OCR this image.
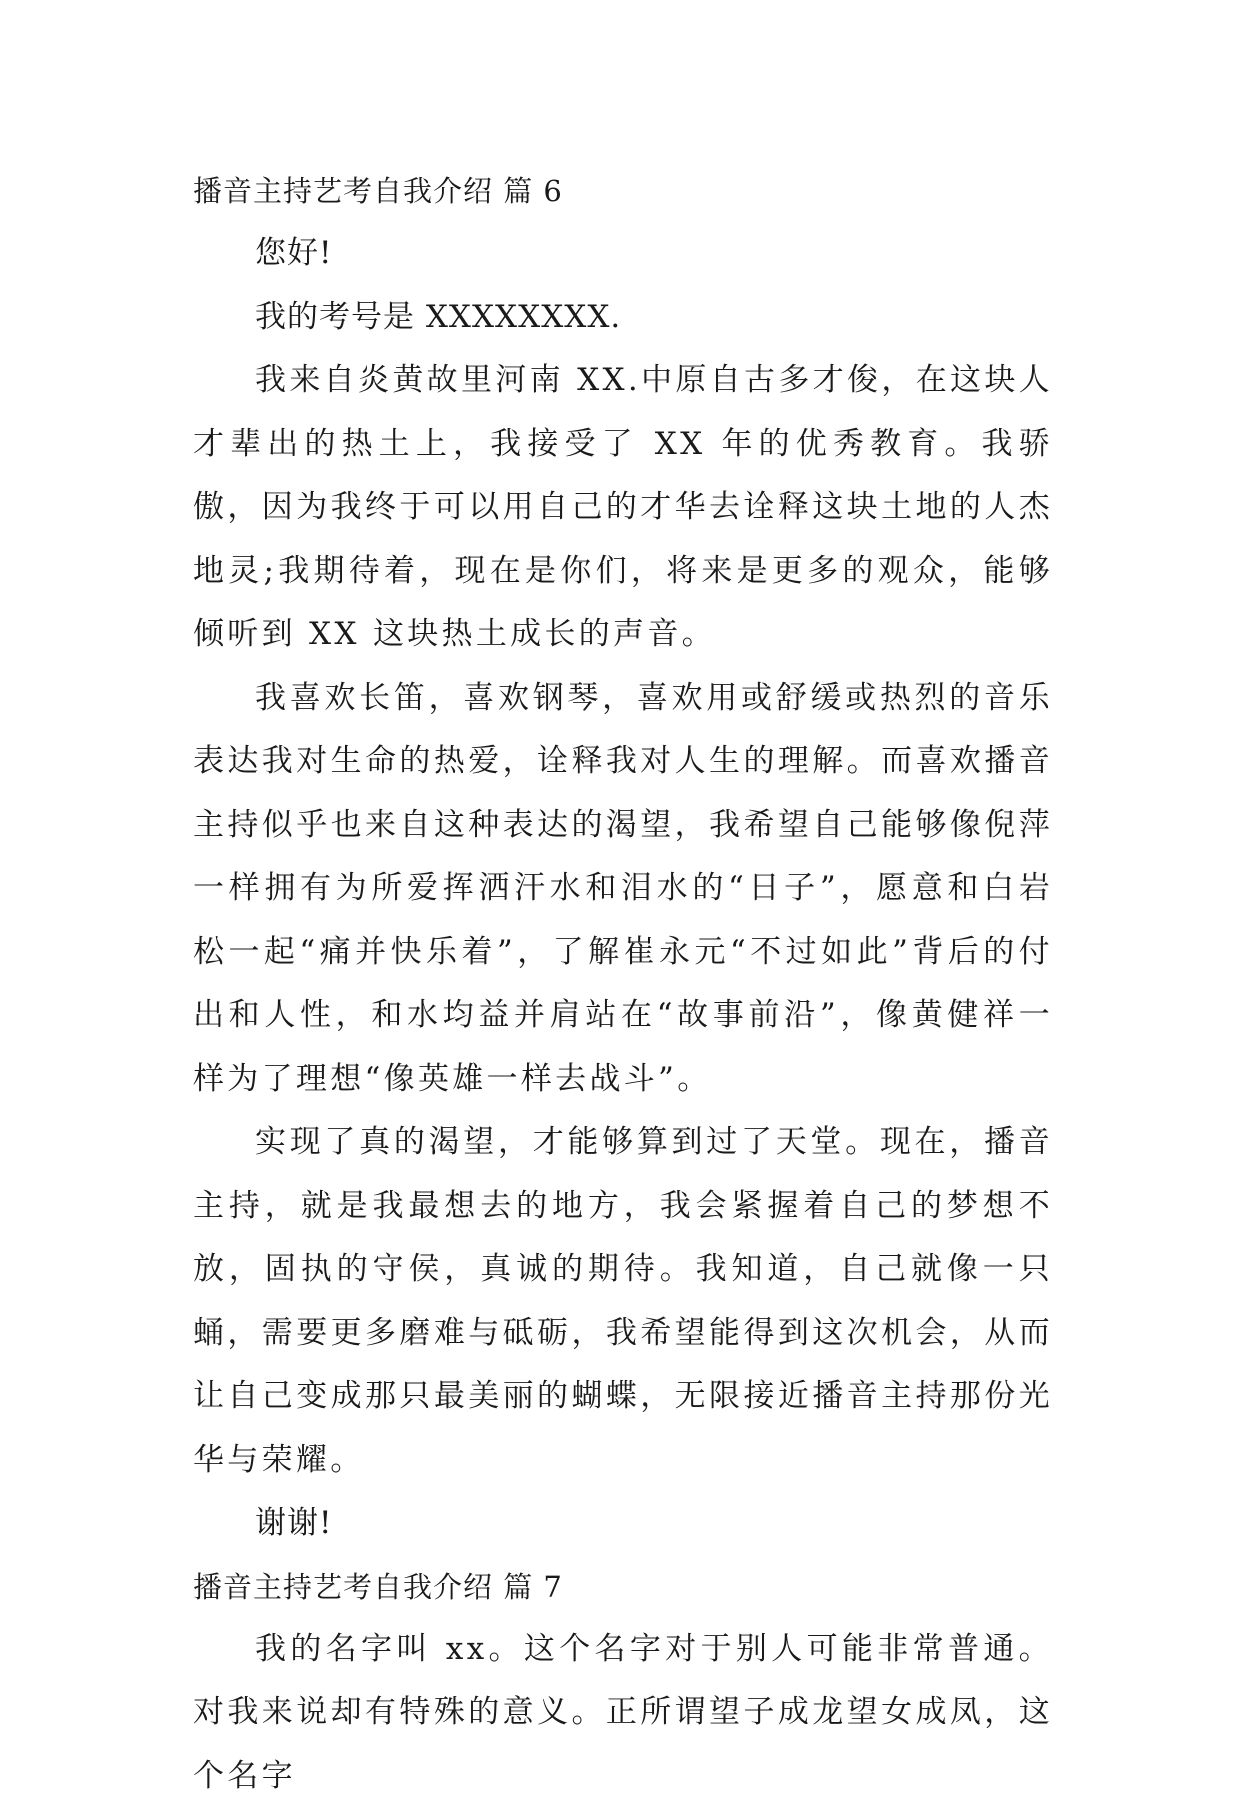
播音主持艺考自我介绍 篇 6

您好!

我的考号是 XXXXXXXX.

我来自炎黄故里河南 XX.中原自古多才俊，在这块人才辈出的热土上，我接受了 XX 年的优秀教育。我骄傲，因为我终于可以用自己的才华去诠释这块土地的人杰地灵;我期待着，现在是你们，将来是更多的观众，能够倾听到 XX 这块热土成长的声音。

我喜欢长笛，喜欢钢琴，喜欢用或舒缓或热烈的音乐表达我对生命的热爱，诠释我对人生的理解。而喜欢播音主持似乎也来自这种表达的渴望，我希望自己能够像倪萍一样拥有为所爱挥洒汗水和泪水的“日子”，愿意和白岩松一起“痛并快乐着”，了解崔永元“不过如此”背后的付出和人性，和水均益并肩站在“故事前沿”，像黄健祥一样为了理想“像英雄一样去战斗”。

实现了真的渴望，才能够算到过了天堂。现在，播音主持，就是我最想去的地方，我会紧握着自己的梦想不放，固执的守侯，真诚的期待。我知道，自己就像一只蛹，需要更多磨难与砥砺，我希望能得到这次机会，从而让自己变成那只最美丽的蝴蝶，无限接近播音主持那份光华与荣耀。

谢谢!

播音主持艺考自我介绍 篇 7

我的名字叫 xx。这个名字对于别人可能非常普通。对我来说却有特殊的意义。正所谓望子成龙望女成凤，这个名字
